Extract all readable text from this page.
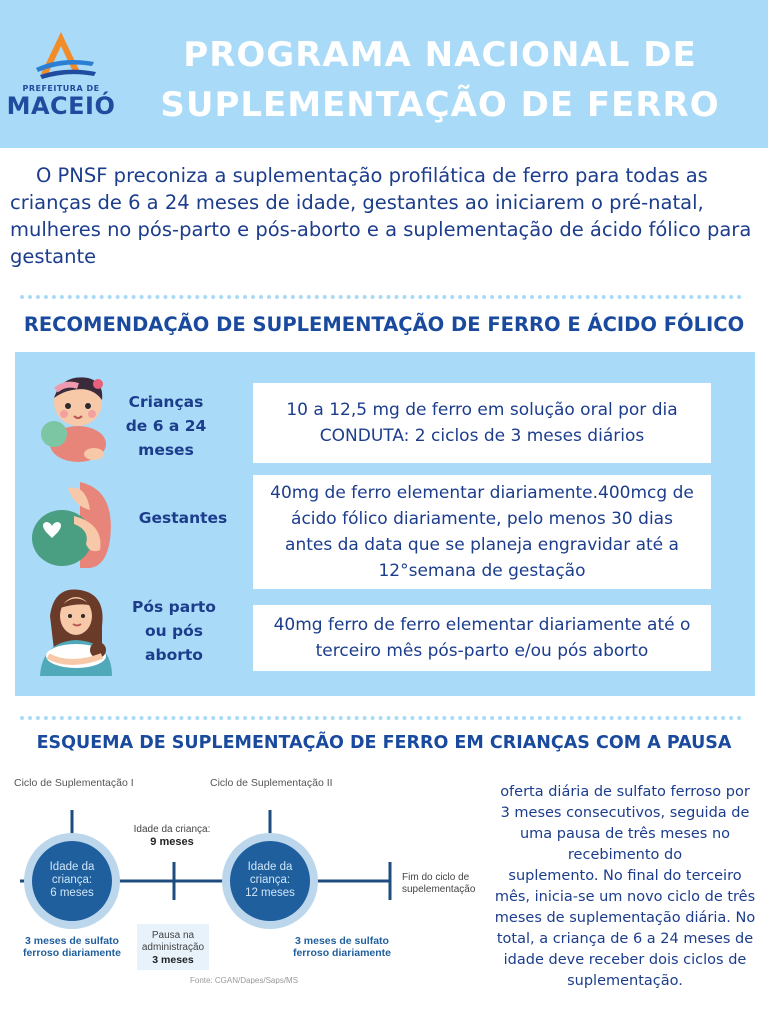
PREFEITURA DE
MACEIÓ
PROGRAMA NACIONAL DE
SUPLEMENTAÇÃO DE FERRO
O PNSF preconiza a suplementação profilática de ferro para todas as crianças de 6 a 24 meses de idade, gestantes ao iniciarem o pré-natal, mulheres no pós-parto e pós-aborto e a suplementação de ácido fólico para gestante
RECOMENDAÇÃO DE SUPLEMENTAÇÃO DE FERRO E ÁCIDO FÓLICO
Crianças
de 6 a 24
meses
10 a 12,5 mg de ferro em solução oral por dia
CONDUTA: 2 ciclos de 3 meses diários
Gestantes
40mg de ferro elementar diariamente.400mcg de
ácido fólico diariamente, pelo menos 30 dias
antes da data que se planeja engravidar até a
12°semana de gestação
Pós parto
ou pós
aborto
40mg ferro de ferro elementar diariamente até o
terceiro mês pós-parto e/ou pós aborto
ESQUEMA DE SUPLEMENTAÇÃO DE FERRO EM CRIANÇAS COM A PAUSA
Ciclo de Suplementação I	Ciclo de Suplementação II
Idade da
criança:
6 meses
Idade da
criança:
12 meses
Idade da criança:
9 meses
Fim do ciclo de
supelementação
3 meses de sulfato
ferroso diariamente
3 meses de sulfato
ferroso diariamente
Pausa na
administração
3 meses
Fonte: CGAN/Dapes/Saps/MS
oferta diária de sulfato ferroso por
3 meses consecutivos, seguida de
uma pausa de três meses no
recebimento do
suplemento. No final do terceiro
mês, inicia-se um novo ciclo de três
meses de suplementação diária. No
total, a criança de 6 a 24 meses de
idade deve receber dois ciclos de
suplementação.
